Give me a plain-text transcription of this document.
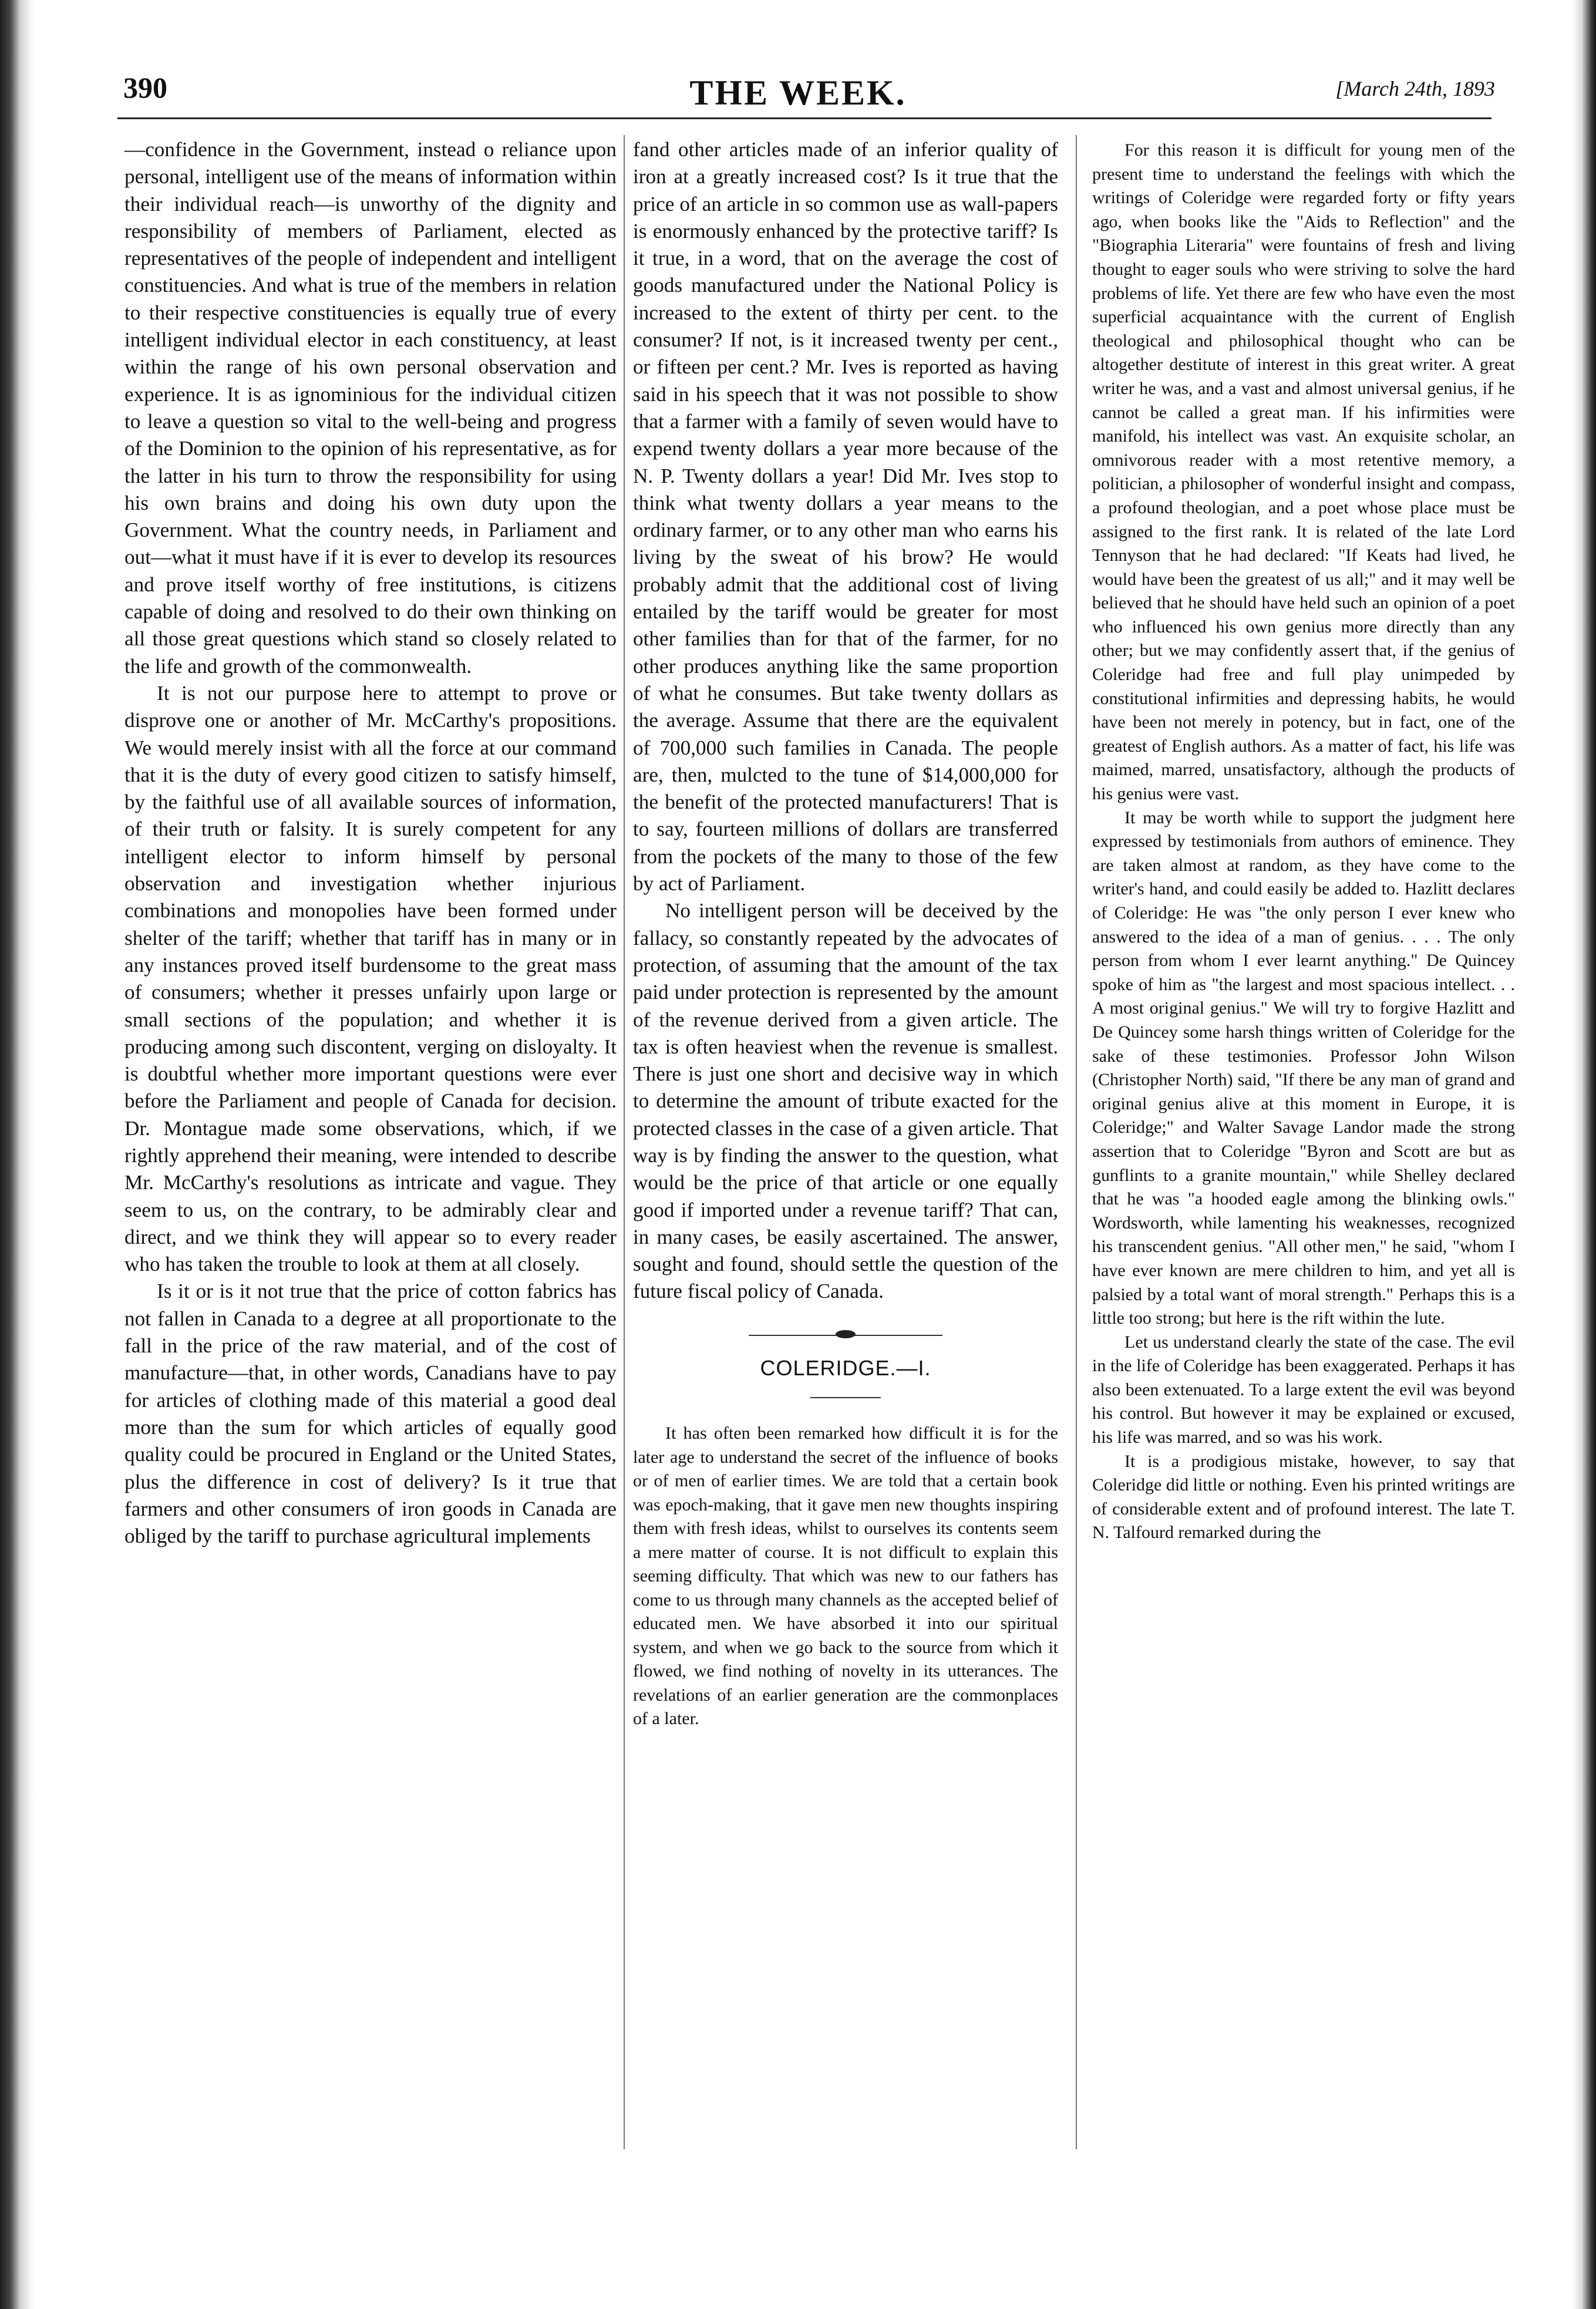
390	THE WEEK.	[March 24th, 1893

—confidence in the Government, instead o reliance upon personal, intelligent use of the means of information within their individual reach—is unworthy of the dignity and responsibility of members of Parliament, elected as representatives of the people of independent and intelligent constituencies. And what is true of the members in relation to their respective constituencies is equally true of every intelligent individual elector in each constituency, at least within the range of his own personal observation and experience. It is as ignominious for the individual citizen to leave a question so vital to the well-being and progress of the Dominion to the opinion of his representative, as for the latter in his turn to throw the responsibility for using his own brains and doing his own duty upon the Government. What the country needs, in Parliament and out—what it must have if it is ever to develop its resources and prove itself worthy of free institutions, is citizens capable of doing and resolved to do their own thinking on all those great questions which stand so closely related to the life and growth of the commonwealth.

It is not our purpose here to attempt to prove or disprove one or another of Mr. McCarthy's propositions. We would merely insist with all the force at our command that it is the duty of every good citizen to satisfy himself, by the faithful use of all available sources of information, of their truth or falsity. It is surely competent for any intelligent elector to inform himself by personal observation and investigation whether injurious combinations and monopolies have been formed under shelter of the tariff; whether that tariff has in many or in any instances proved itself burdensome to the great mass of consumers; whether it presses unfairly upon large or small sections of the population; and whether it is producing among such discontent, verging on disloyalty. It is doubtful whether more important questions were ever before the Parliament and people of Canada for decision. Dr. Montague made some observations, which, if we rightly apprehend their meaning, were intended to describe Mr. McCarthy's resolutions as intricate and vague. They seem to us, on the contrary, to be admirably clear and direct, and we think they will appear so to every reader who has taken the trouble to look at them at all closely.

Is it or is it not true that the price of cotton fabrics has not fallen in Canada to a degree at all proportionate to the fall in the price of the raw material, and of the cost of manufacture—that, in other words, Canadians have to pay for articles of clothing made of this material a good deal more than the sum for which articles of equally good quality could be procured in England or the United States, plus the difference in cost of delivery? Is it true that farmers and other consumers of iron goods in Canada are obliged by the tariff to purchase agricultural implements

fand other articles made of an inferior quality of iron at a greatly increased cost? Is it true that the price of an article in so common use as wall-papers is enormously enhanced by the protective tariff? Is it true, in a word, that on the average the cost of goods manufactured under the National Policy is increased to the extent of thirty per cent. to the consumer? If not, is it increased twenty per cent., or fifteen per cent.? Mr. Ives is reported as having said in his speech that it was not possible to show that a farmer with a family of seven would have to expend twenty dollars a year more because of the N. P. Twenty dollars a year! Did Mr. Ives stop to think what twenty dollars a year means to the ordinary farmer, or to any other man who earns his living by the sweat of his brow? He would probably admit that the additional cost of living entailed by the tariff would be greater for most other families than for that of the farmer, for no other produces anything like the same proportion of what he consumes. But take twenty dollars as the average. Assume that there are the equivalent of 700,000 such families in Canada. The people are, then, mulcted to the tune of $14,000,000 for the benefit of the protected manufacturers! That is to say, fourteen millions of dollars are transferred from the pockets of the many to those of the few by act of Parliament.

No intelligent person will be deceived by the fallacy, so constantly repeated by the advocates of protection, of assuming that the amount of the tax paid under protection is represented by the amount of the revenue derived from a given article. The tax is often heaviest when the revenue is smallest. There is just one short and decisive way in which to determine the amount of tribute exacted for the protected classes in the case of a given article. That way is by finding the answer to the question, what would be the price of that article or one equally good if imported under a revenue tariff? That can, in many cases, be easily ascertained. The answer, sought and found, should settle the question of the future fiscal policy of Canada.

COLERIDGE.—I.

It has often been remarked how difficult it is for the later age to understand the secret of the influence of books or of men of earlier times. We are told that a certain book was epoch-making, that it gave men new thoughts inspiring them with fresh ideas, whilst to ourselves its contents seem a mere matter of course. It is not difficult to explain this seeming difficulty. That which was new to our fathers has come to us through many channels as the accepted belief of educated men. We have absorbed it into our spiritual system, and when we go back to the source from which it flowed, we find nothing of novelty in its utterances. The revelations of an earlier generation are the commonplaces of a later.

For this reason it is difficult for young men of the present time to understand the feelings with which the writings of Coleridge were regarded forty or fifty years ago, when books like the "Aids to Reflection" and the "Biographia Literaria" were fountains of fresh and living thought to eager souls who were striving to solve the hard problems of life. Yet there are few who have even the most superficial acquaintance with the current of English theological and philosophical thought who can be altogether destitute of interest in this great writer. A great writer he was, and a vast and almost universal genius, if he cannot be called a great man. If his infirmities were manifold, his intellect was vast. An exquisite scholar, an omnivorous reader with a most retentive memory, a politician, a philosopher of wonderful insight and compass, a profound theologian, and a poet whose place must be assigned to the first rank. It is related of the late Lord Tennyson that he had declared: "If Keats had lived, he would have been the greatest of us all;" and it may well be believed that he should have held such an opinion of a poet who influenced his own genius more directly than any other; but we may confidently assert that, if the genius of Coleridge had free and full play unimpeded by constitutional infirmities and depressing habits, he would have been not merely in potency, but in fact, one of the greatest of English authors. As a matter of fact, his life was maimed, marred, unsatisfactory, although the products of his genius were vast.

It may be worth while to support the judgment here expressed by testimonials from authors of eminence. They are taken almost at random, as they have come to the writer's hand, and could easily be added to. Hazlitt declares of Coleridge: He was "the only person I ever knew who answered to the idea of a man of genius. . . . The only person from whom I ever learnt anything." De Quincey spoke of him as "the largest and most spacious intellect. . . A most original genius." We will try to forgive Hazlitt and De Quincey some harsh things written of Coleridge for the sake of these testimonies. Professor John Wilson (Christopher North) said, "If there be any man of grand and original genius alive at this moment in Europe, it is Coleridge;" and Walter Savage Landor made the strong assertion that to Coleridge "Byron and Scott are but as gunflints to a granite mountain," while Shelley declared that he was "a hooded eagle among the blinking owls." Wordsworth, while lamenting his weaknesses, recognized his transcendent genius. "All other men," he said, "whom I have ever known are mere children to him, and yet all is palsied by a total want of moral strength." Perhaps this is a little too strong; but here is the rift within the lute.

Let us understand clearly the state of the case. The evil in the life of Coleridge has been exaggerated. Perhaps it has also been extenuated. To a large extent the evil was beyond his control. But however it may be explained or excused, his life was marred, and so was his work.

It is a prodigious mistake, however, to say that Coleridge did little or nothing. Even his printed writings are of considerable extent and of profound interest. The late T. N. Talfourd remarked during the
